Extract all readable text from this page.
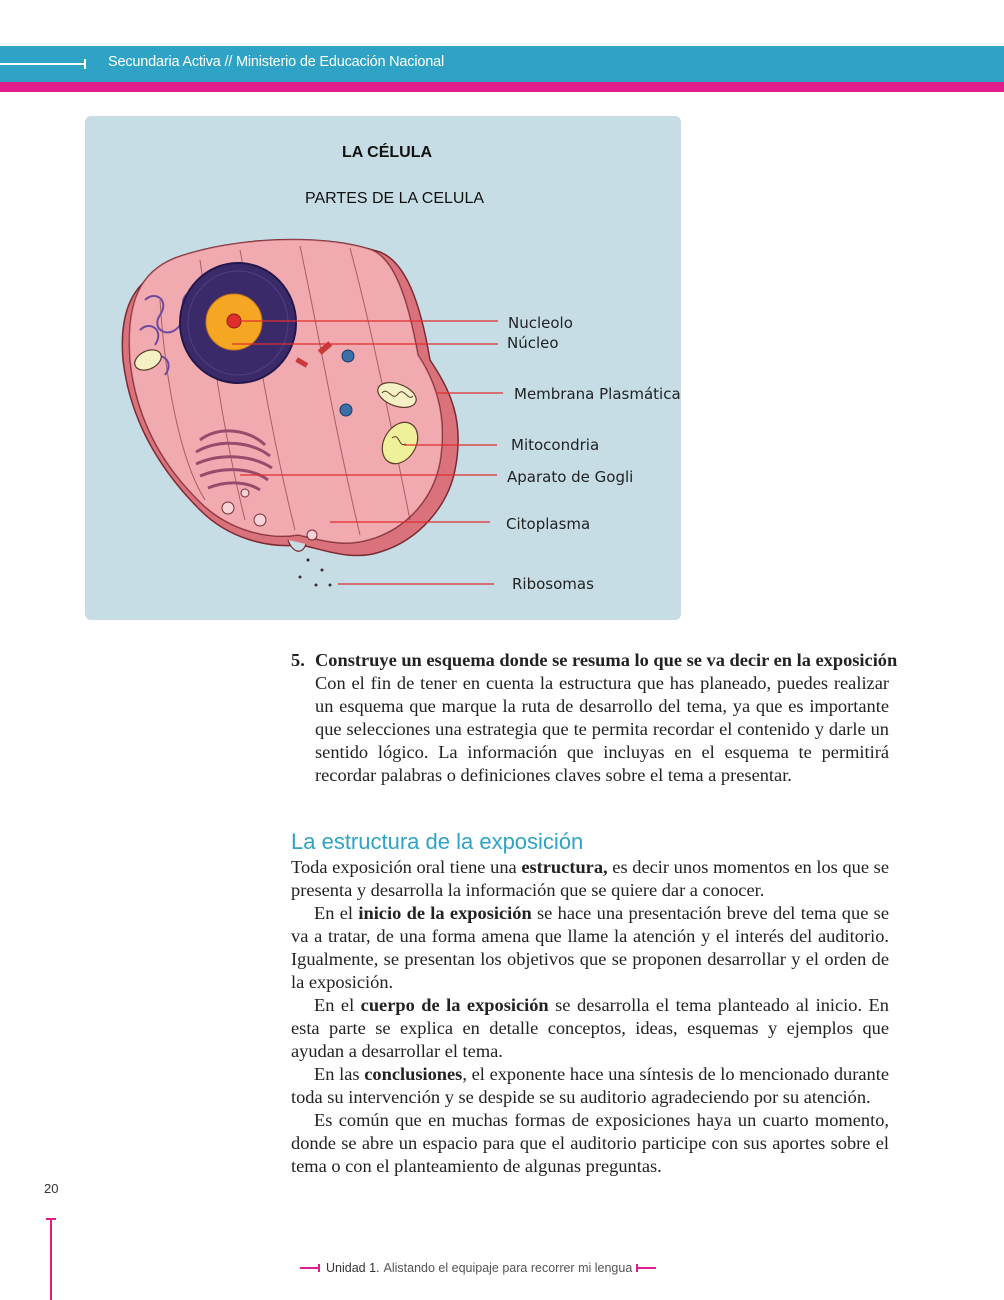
Secundaria Activa // Ministerio de Educación Nacional
LA CÉLULA
PARTES DE LA CELULA
Nucleolo
Núcleo
Membrana Plasmática
Mitocondria
Aparato de Gogli
Citoplasma
Ribosomas
5. Construye un esquema donde se resuma lo que se va decir en la exposición
Con el fin de tener en cuenta la estructura que has planeado, puedes realizar un esquema que marque la ruta de desarrollo del tema, ya que es importante que selecciones una estrategia que te permita recordar el contenido y darle un sentido lógico. La información que incluyas en el esquema te permitirá recordar palabras o definiciones claves sobre el tema a presentar.
La estructura de la exposición

Toda exposición oral tiene una estructura, es decir unos momentos en los que se presenta y desarrolla la información que se quiere dar a conocer.

En el inicio de la exposición se hace una presentación breve del tema que se va a tratar, de una forma amena que llame la atención y el interés del auditorio. Igualmente, se presentan los objetivos que se proponen desarrollar y el orden de la exposición.

En el cuerpo de la exposición se desarrolla el tema planteado al inicio. En esta parte se explica en detalle conceptos, ideas, esquemas y ejemplos que ayudan a desarrollar el tema.

En las conclusiones, el exponente hace una síntesis de lo mencionado durante toda su intervención y se despide se su auditorio agradeciendo por su atención.

Es común que en muchas formas de exposiciones haya un cuarto momento, donde se abre un espacio para que el auditorio participe con sus aportes sobre el tema o con el planteamiento de algunas preguntas.

20
Unidad 1. Alistando el equipaje para recorrer mi lengua
